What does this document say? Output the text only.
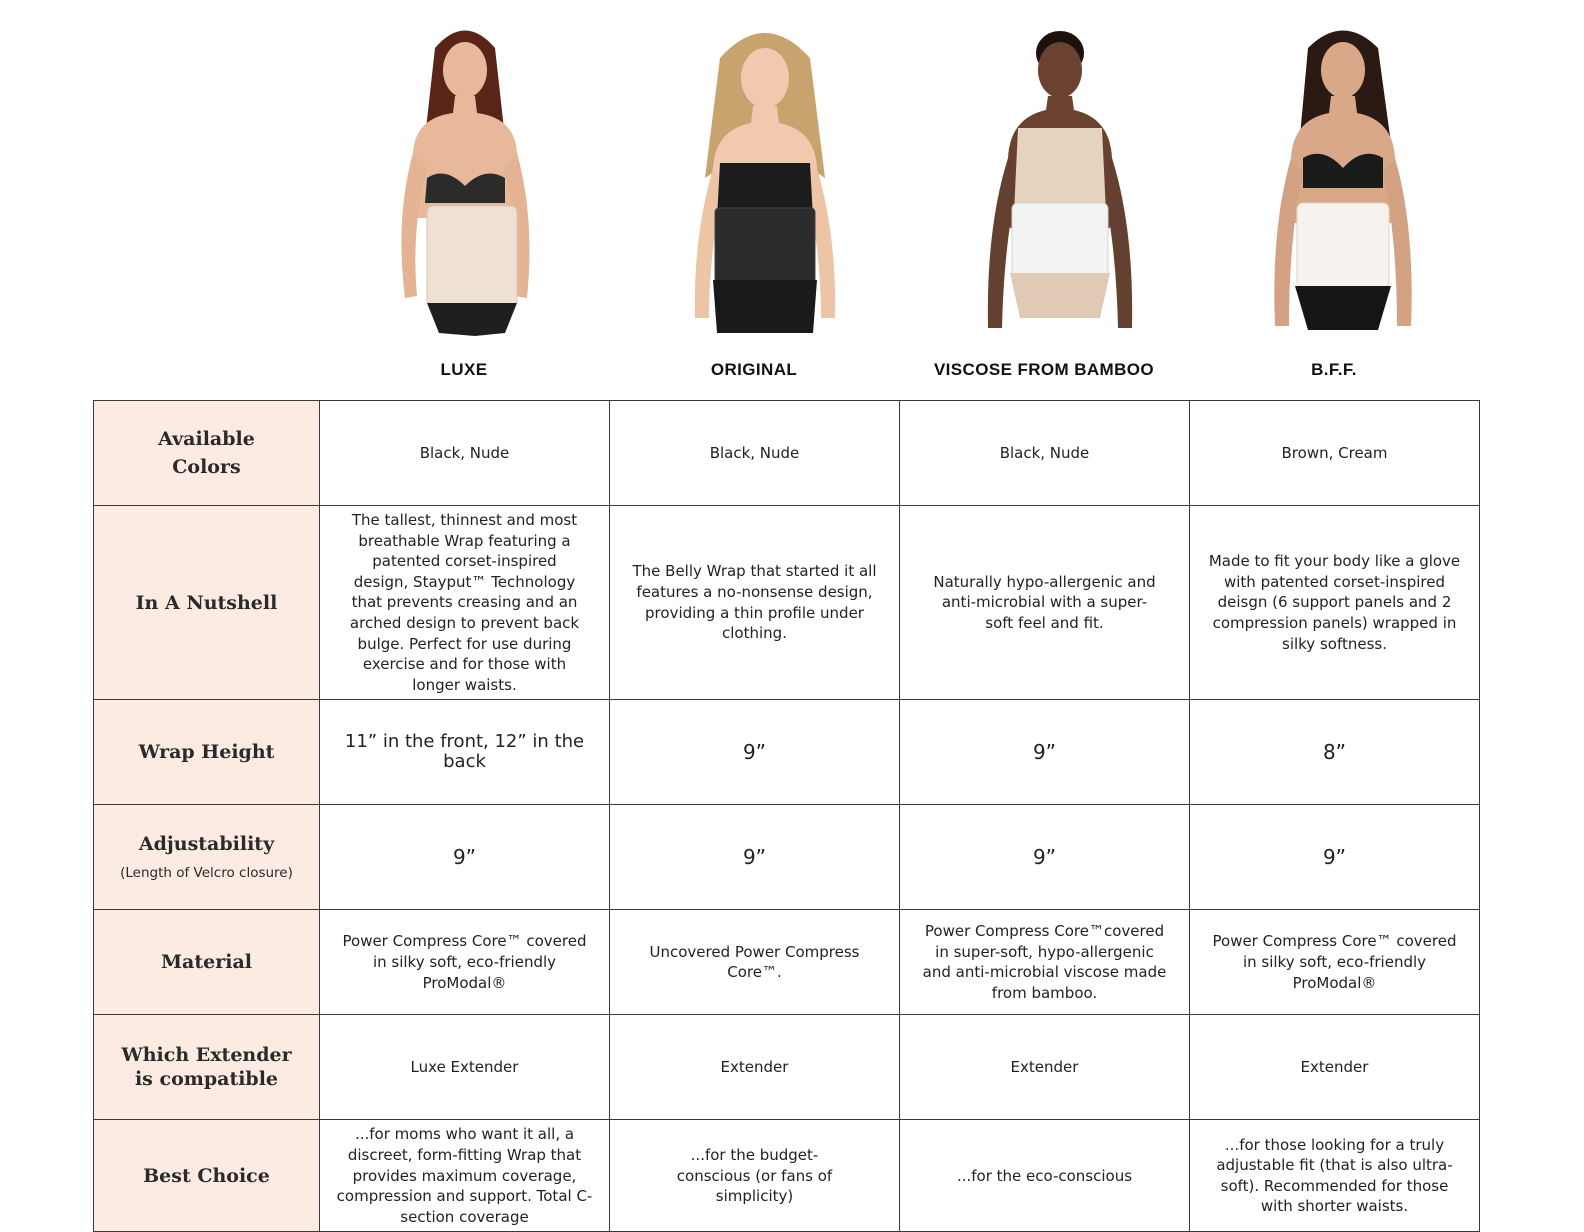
LUXE	ORIGINAL	VISCOSE FROM BAMBOO	B.F.F.
Available
Colors	Black, Nude	Black, Nude	Black, Nude	Brown, Cream
In A Nutshell	The tallest, thinnest and most breathable Wrap featuring a patented corset-inspired design, Stayput™ Technology that prevents creasing and an arched design to prevent back bulge. Perfect for use during exercise and for those with longer waists.	The Belly Wrap that started it all features a no-nonsense design, providing a thin profile under clothing.	Naturally hypo-allergenic and anti-microbial with a super-soft feel and fit.	Made to fit your body like a glove with patented corset-inspired deisgn (6 support panels and 2 compression panels) wrapped in silky softness.
Wrap Height	11” in the front, 12” in the back	9”	9”	8”

Adjustability
(Length of Velcro closure)	9”	9”	9”	9”
Material	Power Compress Core™ covered in silky soft, eco-friendly ProModal®	Uncovered Power Compress Core™.	Power Compress Core™covered in super-soft, hypo-allergenic and anti-microbial viscose made from bamboo.	Power Compress Core™ covered in silky soft, eco-friendly ProModal®

Which Extender
is compatible	Luxe Extender	Extender	Extender	Extender
Best Choice	...for moms who want it all, a discreet, form-fitting Wrap that provides maximum coverage, compression and support. Total C-section coverage	...for the budget-conscious (or fans of simplicity)	...for the eco-conscious	...for those looking for a truly adjustable fit (that is also ultra-soft). Recommended for those with shorter waists.
